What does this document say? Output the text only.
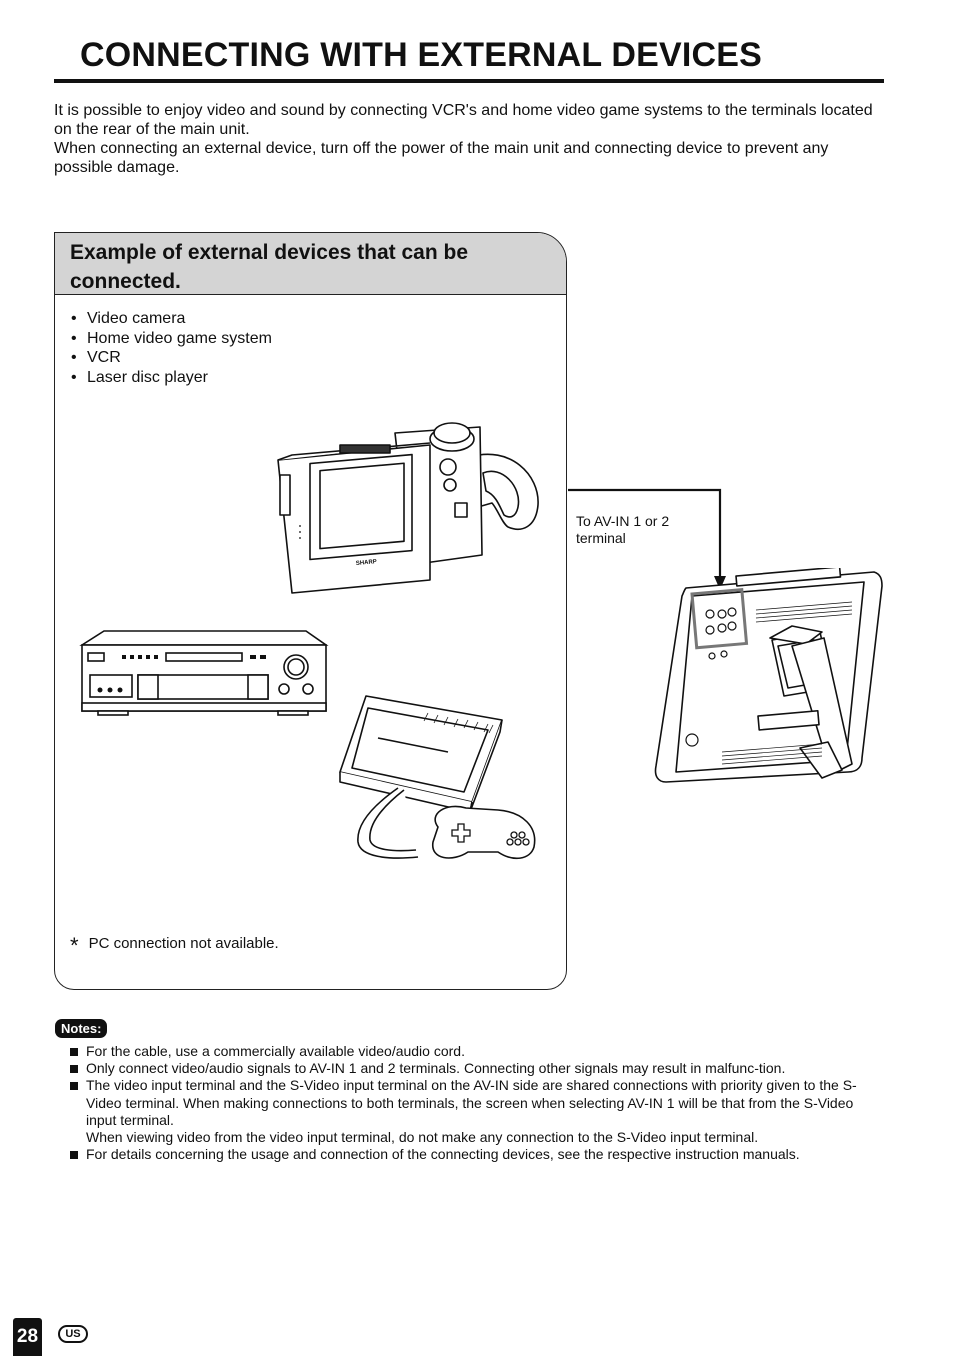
CONNECTING WITH EXTERNAL DEVICES

It is possible to enjoy video and sound by connecting VCR's and home video game systems to the terminals located on the rear of the main unit.

When connecting an external device, turn off the power of the main unit and connecting device to prevent any possible damage.

Example of external devices that can be connected.
• Video camera
• Home video game system
• VCR
• Laser disc player
* PC connection not available.
SHARP
To AV-IN 1 or 2 terminal
Notes:
For the cable, use a commercially available video/audio cord.
Only connect video/audio signals to AV-IN 1 and 2 terminals. Connecting other signals may result in malfunc-tion.
The video input terminal and the S-Video input terminal on the AV-IN side are shared connections with priority given to the S-Video terminal. When making connections to both terminals, the screen when selecting AV-IN 1 will be that from the S-Video input terminal.
When viewing video from the video input terminal, do not make any connection to the S-Video input terminal.
For details concerning the usage and connection of the connecting devices, see the respective instruction manuals.
28	US
